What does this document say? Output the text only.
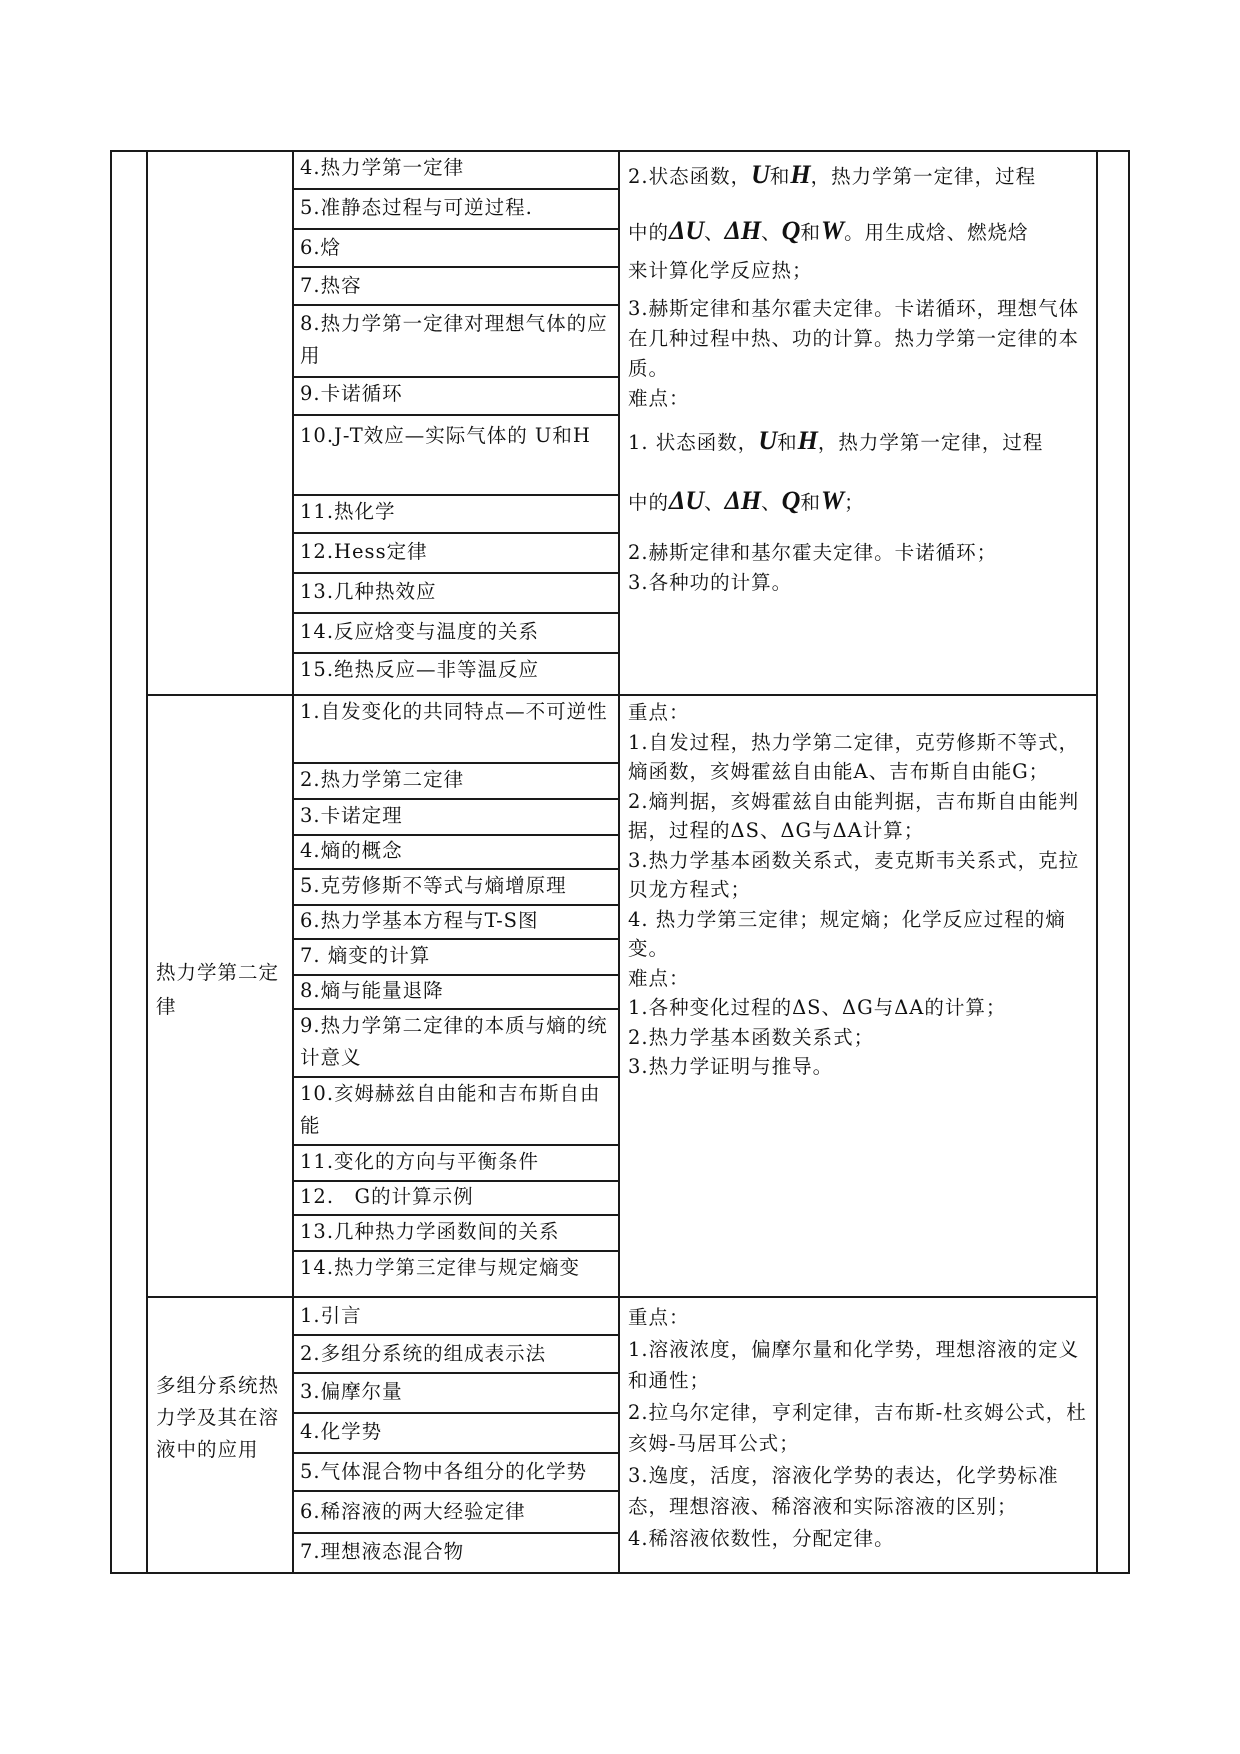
4.热力学第一定律
5.准静态过程与可逆过程.
6.焓
7.热容
8.热力学第一定律对理想气体的应用
9.卡诺循环
10.J-T效应—实际气体的 U和H
11.热化学
12.Hess定律
13.几种热效应
14.反应焓变与温度的关系
15.绝热反应—非等温反应

2.状态函数，U和H，热力学第一定律，过程

中的ΔU、ΔH、Q和W。用生成焓、燃烧焓

来计算化学反应热；

3.赫斯定律和基尔霍夫定律。卡诺循环，理想气体在几种过程中热、功的计算。热力学第一定律的本质。

难点：

1. 状态函数，U和H，热力学第一定律，过程

中的ΔU、ΔH、Q和W；

2.赫斯定律和基尔霍夫定律。卡诺循环；

3.各种功的计算。

热力学第二定律
1.自发变化的共同特点—不可逆性
2.热力学第二定律
3.卡诺定理
4.熵的概念
5.克劳修斯不等式与熵增原理
6.热力学基本方程与T-S图
7. 熵变的计算
8.熵与能量退降
9.热力学第二定律的本质与熵的统计意义
10.亥姆赫兹自由能和吉布斯自由能
11.变化的方向与平衡条件
12.　G的计算示例
13.几种热力学函数间的关系
14.热力学第三定律与规定熵变

重点：

1.自发过程，热力学第二定律，克劳修斯不等式，熵函数，亥姆霍兹自由能A、吉布斯自由能G；

2.熵判据，亥姆霍兹自由能判据，吉布斯自由能判据，过程的ΔS、ΔG与ΔA计算；

3.热力学基本函数关系式，麦克斯韦关系式，克拉贝龙方程式；

4. 热力学第三定律；规定熵；化学反应过程的熵变。

难点：

1.各种变化过程的ΔS、ΔG与ΔA的计算；

2.热力学基本函数关系式；

3.热力学证明与推导。

多组分系统热力学及其在溶液中的应用
1.引言
2.多组分系统的组成表示法
3.偏摩尔量
4.化学势
5.气体混合物中各组分的化学势
6.稀溶液的两大经验定律
7.理想液态混合物

重点：

1.溶液浓度，偏摩尔量和化学势，理想溶液的定义和通性；

2.拉乌尔定律，亨利定律，吉布斯-杜亥姆公式，杜亥姆-马居耳公式；

3.逸度，活度，溶液化学势的表达，化学势标准态，理想溶液、稀溶液和实际溶液的区别；

4.稀溶液依数性，分配定律。
